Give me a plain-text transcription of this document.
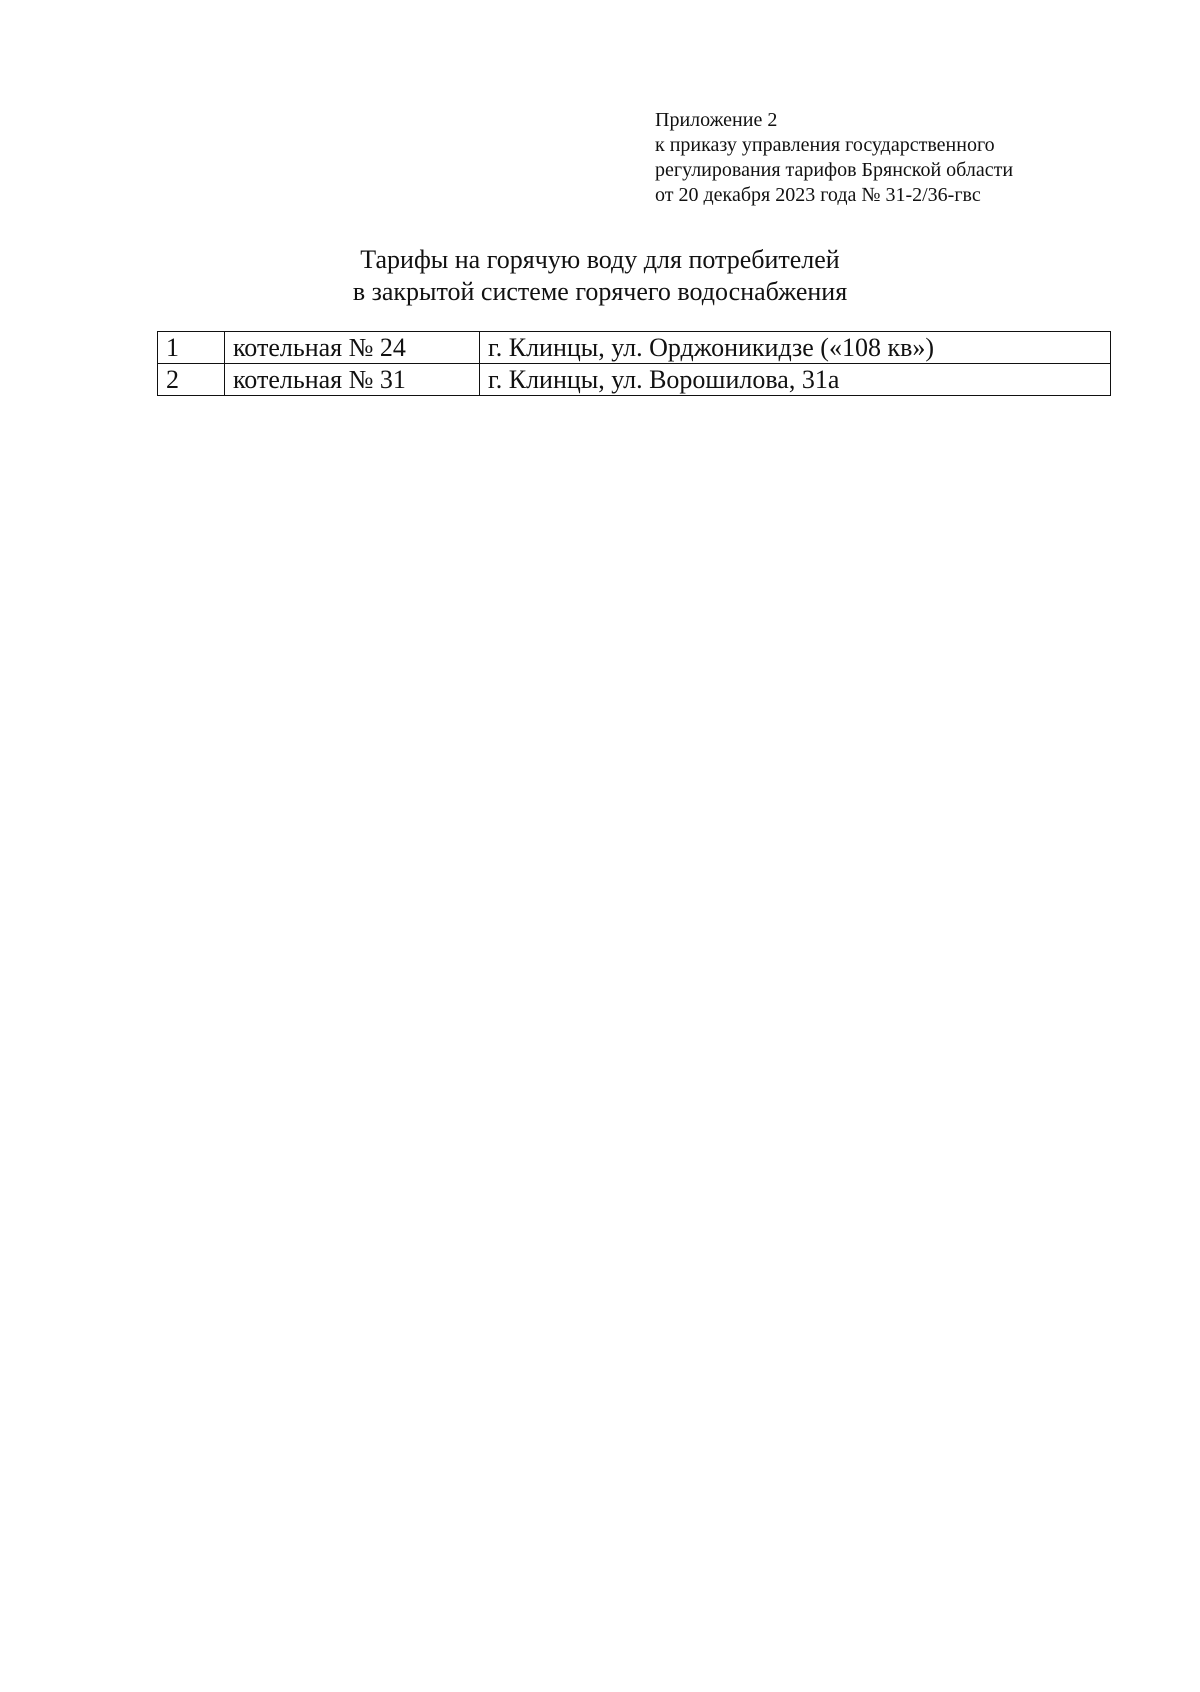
Приложение 2
к приказу управления государственного
регулирования тарифов Брянской области
от 20 декабря 2023 года № 31-2/36-гвс
Тарифы на горячую воду для потребителей
в закрытой системе горячего водоснабжения
1	котельная № 24	г. Клинцы, ул. Орджоникидзе («108 кв»)
2	котельная № 31	г. Клинцы, ул. Ворошилова, 31а
